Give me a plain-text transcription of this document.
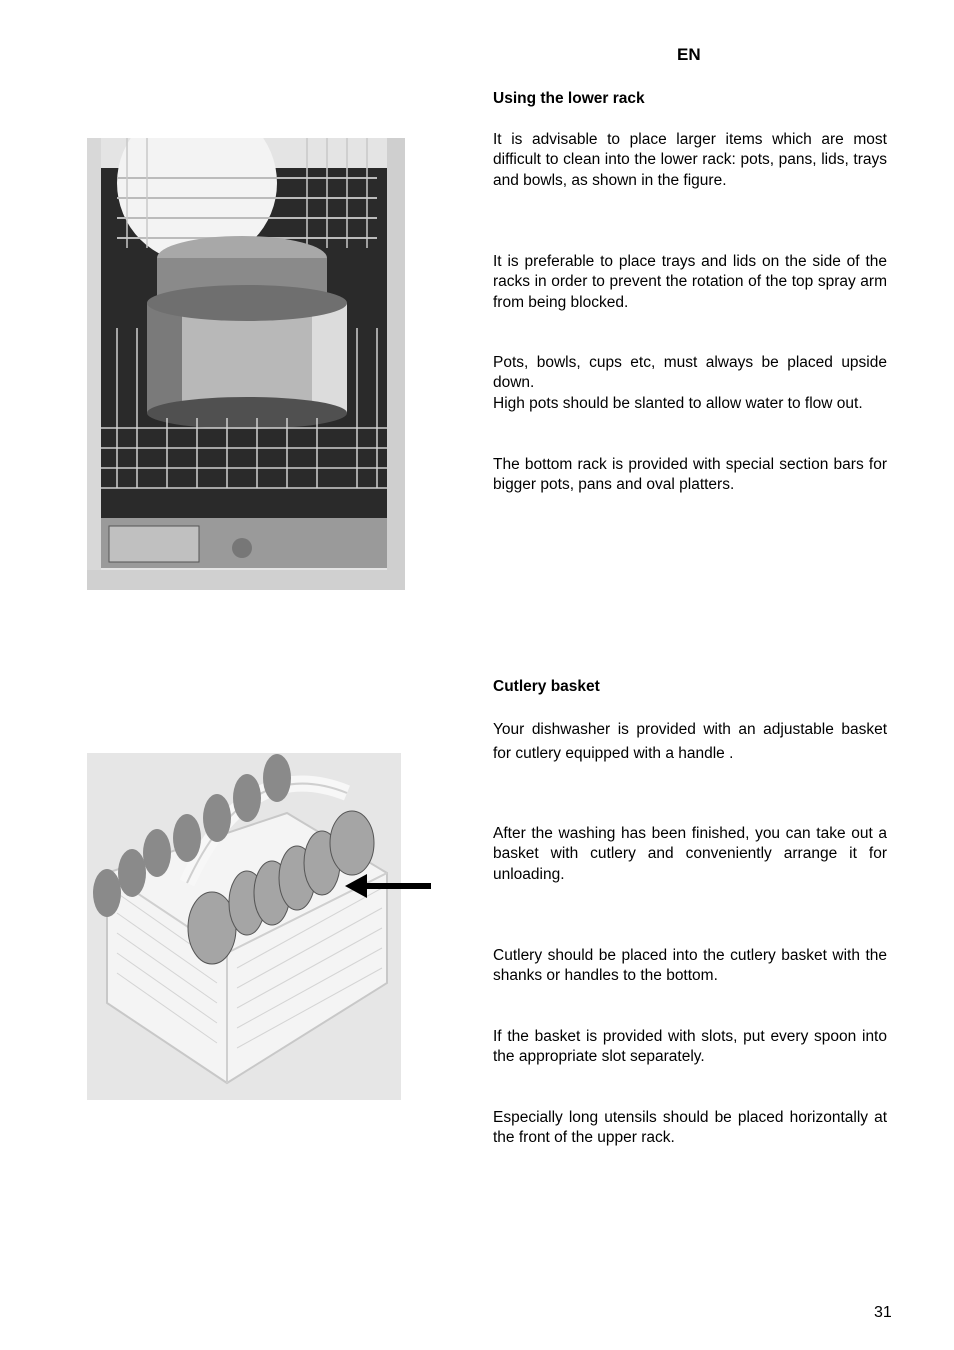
EN
Using the lower rack

It is advisable to place larger items which are most difficult to clean into the lower rack: pots, pans, lids, trays and bowls, as shown in the figure.

It is preferable to place trays and lids on the side of the racks in order to prevent the rotation of the top spray arm from being blocked.

Pots, bowls, cups etc, must always be placed upside down.

High pots should be slanted to allow water to flow out.

The bottom rack is provided with special section bars for bigger pots, pans and oval platters.

Cutlery basket

Your dishwasher is provided with an adjustable basket for cutlery equipped with a handle .

After the washing has been finished, you can take out a basket with cutlery and conveniently arrange it for unloading.

Cutlery should be placed into the cutlery basket with the shanks or handles to the bottom.

If the basket is provided with slots, put every spoon into the appropriate slot separately.

Especially long utensils should be placed horizontally at the front of the upper rack.

31
